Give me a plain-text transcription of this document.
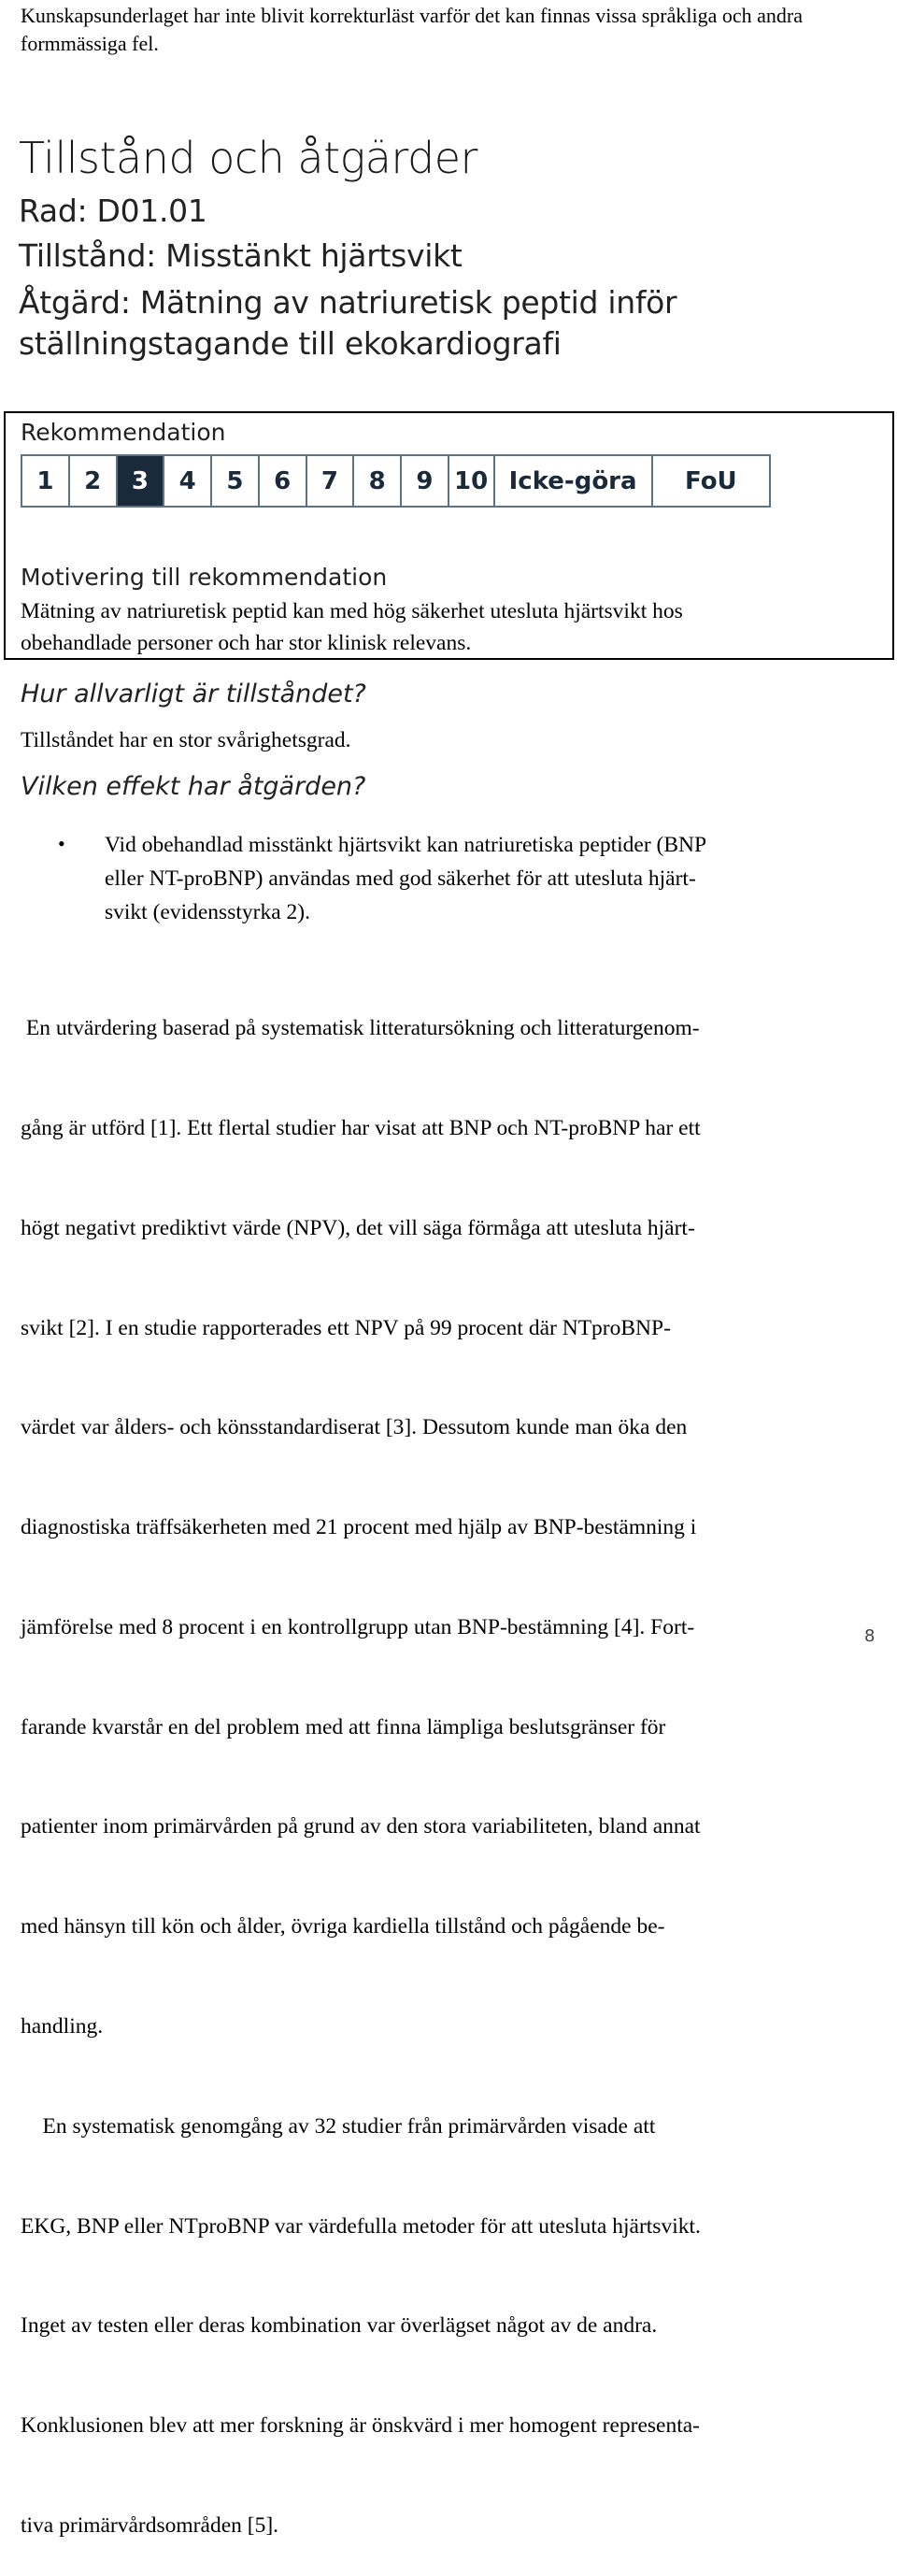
Kunskapsunderlaget har inte blivit korrekturläst varför det kan finnas vissa språkliga och andra formmässiga fel.
Tillstånd och åtgärder
Rad: D01.01
Tillstånd: Misstänkt hjärtsvikt
Åtgärd: Mätning av natriuretisk peptid inför
ställningstagande till ekokardiografi
Rekommendation
1	2	3	4	5	6	7	8	9 10 Icke-göra	FoU
Motivering till rekommendation
Mätning av natriuretisk peptid kan med hög säkerhet utesluta hjärtsvikt hos
obehandlade personer och har stor klinisk relevans.
Hur allvarligt är tillståndet?
Tillståndet har en stor svårighetsgrad.
Vilken effekt har åtgärden?
• Vid obehandlad misstänkt hjärtsvikt kan natriuretiska peptider (BNP
eller NT-proBNP) användas med god säkerhet för att utesluta hjärt-
svikt (evidensstyrka 2).

En utvärdering baserad på systematisk litteratursökning och litteraturgenom-

gång är utförd [1]. Ett flertal studier har visat att BNP och NT-proBNP har ett

högt negativt prediktivt värde (NPV), det vill säga förmåga att utesluta hjärt-

svikt [2]. I en studie rapporterades ett NPV på 99 procent där NTproBNP-

värdet var ålders- och könsstandardiserat [3]. Dessutom kunde man öka den

diagnostiska träffsäkerheten med 21 procent med hjälp av BNP-bestämning i

jämförelse med 8 procent i en kontrollgrupp utan BNP-bestämning [4]. Fort-

farande kvarstår en del problem med att finna lämpliga beslutsgränser för

patienter inom primärvården på grund av den stora variabiliteten, bland annat

med hänsyn till kön och ålder, övriga kardiella tillstånd och pågående be-

handling.

En systematisk genomgång av 32 studier från primärvården visade att

EKG, BNP eller NTproBNP var värdefulla metoder för att utesluta hjärtsvikt.

Inget av testen eller deras kombination var överlägset något av de andra.

Konklusionen blev att mer forskning är önskvärd i mer homogent representa-

tiva primärvårdsområden [5].

8
